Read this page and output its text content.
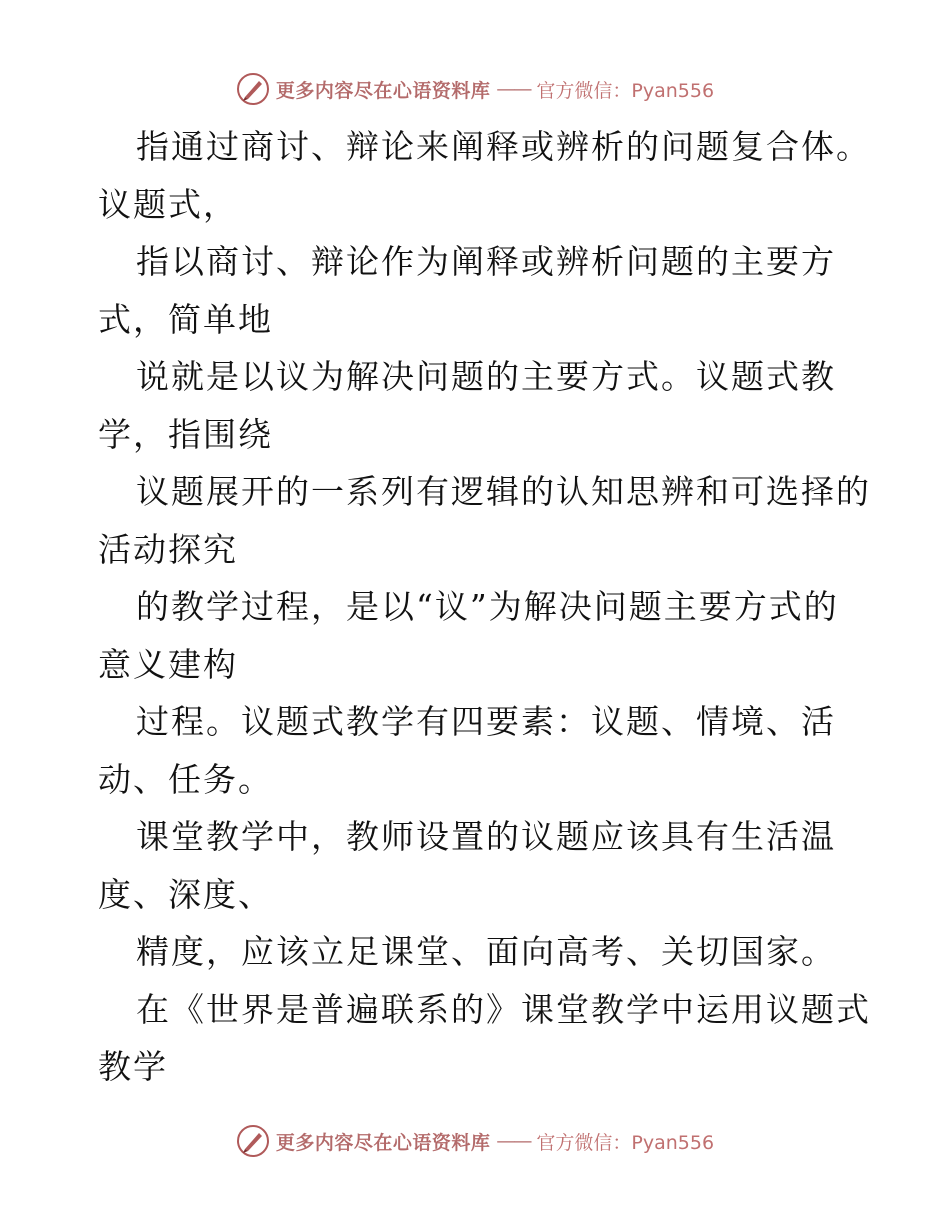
更多内容尽在心语资料库 —— 官方微信：Pyan556
指通过商讨、辩论来阐释或辨析的问题复合体。
议题式，
指以商讨、辩论作为阐释或辨析问题的主要方
式，简单地
说就是以议为解决问题的主要方式。议题式教
学，指围绕
议题展开的一系列有逻辑的认知思辨和可选择的
活动探究
的教学过程，是以“议”为解决问题主要方式的
意义建构
过程。议题式教学有四要素：议题、情境、活
动、任务。
课堂教学中，教师设置的议题应该具有生活温
度、深度、
精度，应该立足课堂、面向高考、关切国家。
在《世界是普遍联系的》课堂教学中运用议题式
教学
更多内容尽在心语资料库 —— 官方微信：Pyan556
